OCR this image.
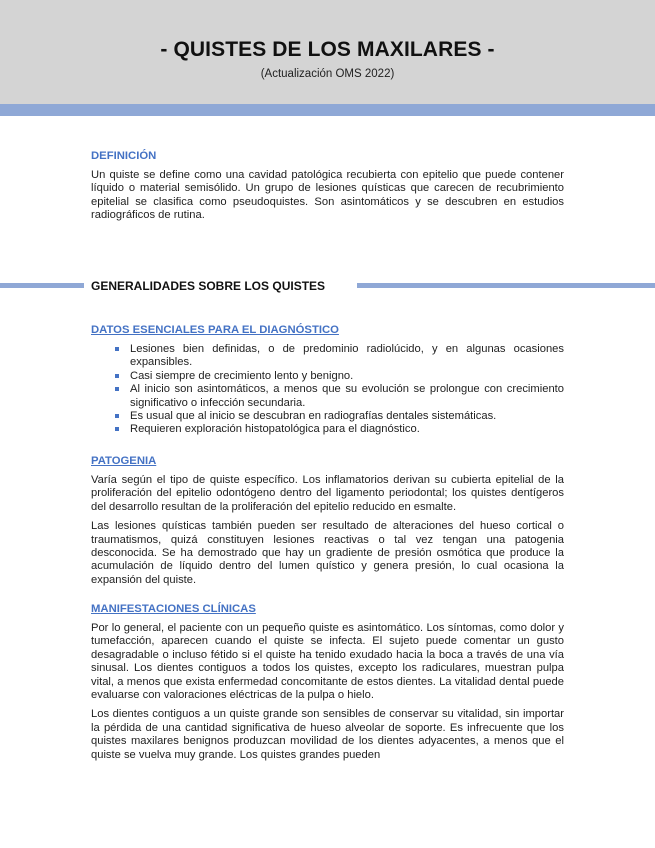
- QUISTES DE LOS MAXILARES -
(Actualización OMS 2022)
DEFINICIÓN

Un quiste se define como una cavidad patológica recubierta con epitelio que puede contener líquido o material semisólido. Un grupo de lesiones quísticas que carecen de recubrimiento epitelial se clasifica como pseudoquistes. Son asintomáticos y se descubren en estudios radiográficos de rutina.

GENERALIDADES SOBRE LOS QUISTES
DATOS ESENCIALES PARA EL DIAGNÓSTICO
Lesiones bien definidas, o de predominio radiolúcido, y en algunas ocasiones expansibles.
Casi siempre de crecimiento lento y benigno.
Al inicio son asintomáticos, a menos que su evolución se prolongue con crecimiento significativo o infección secundaria.
Es usual que al inicio se descubran en radiografías dentales sistemáticas.
Requieren exploración histopatológica para el diagnóstico.
PATOGENIA

Varía según el tipo de quiste específico. Los inflamatorios derivan su cubierta epitelial de la proliferación del epitelio odontógeno dentro del ligamento periodontal; los quistes dentígeros del desarrollo resultan de la proliferación del epitelio reducido en esmalte.

Las lesiones quísticas también pueden ser resultado de alteraciones del hueso cortical o traumatismos, quizá constituyen lesiones reactivas o tal vez tengan una patogenia desconocida. Se ha demostrado que hay un gradiente de presión osmótica que produce la acumulación de líquido dentro del lumen quístico y genera presión, lo cual ocasiona la expansión del quiste.

MANIFESTACIONES CLÍNICAS

Por lo general, el paciente con un pequeño quiste es asintomático. Los síntomas, como dolor y tumefacción, aparecen cuando el quiste se infecta. El sujeto puede comentar un gusto desagradable o incluso fétido si el quiste ha tenido exudado hacia la boca a través de una vía sinusal. Los dientes contiguos a todos los quistes, excepto los radiculares, muestran pulpa vital, a menos que exista enfermedad concomitante de estos dientes. La vitalidad dental puede evaluarse con valoraciones eléctricas de la pulpa o hielo.

Los dientes contiguos a un quiste grande son sensibles de conservar su vitalidad, sin importar la pérdida de una cantidad significativa de hueso alveolar de soporte. Es infrecuente que los quistes maxilares benignos produzcan movilidad de los dientes adyacentes, a menos que el quiste se vuelva muy grande. Los quistes grandes pueden
